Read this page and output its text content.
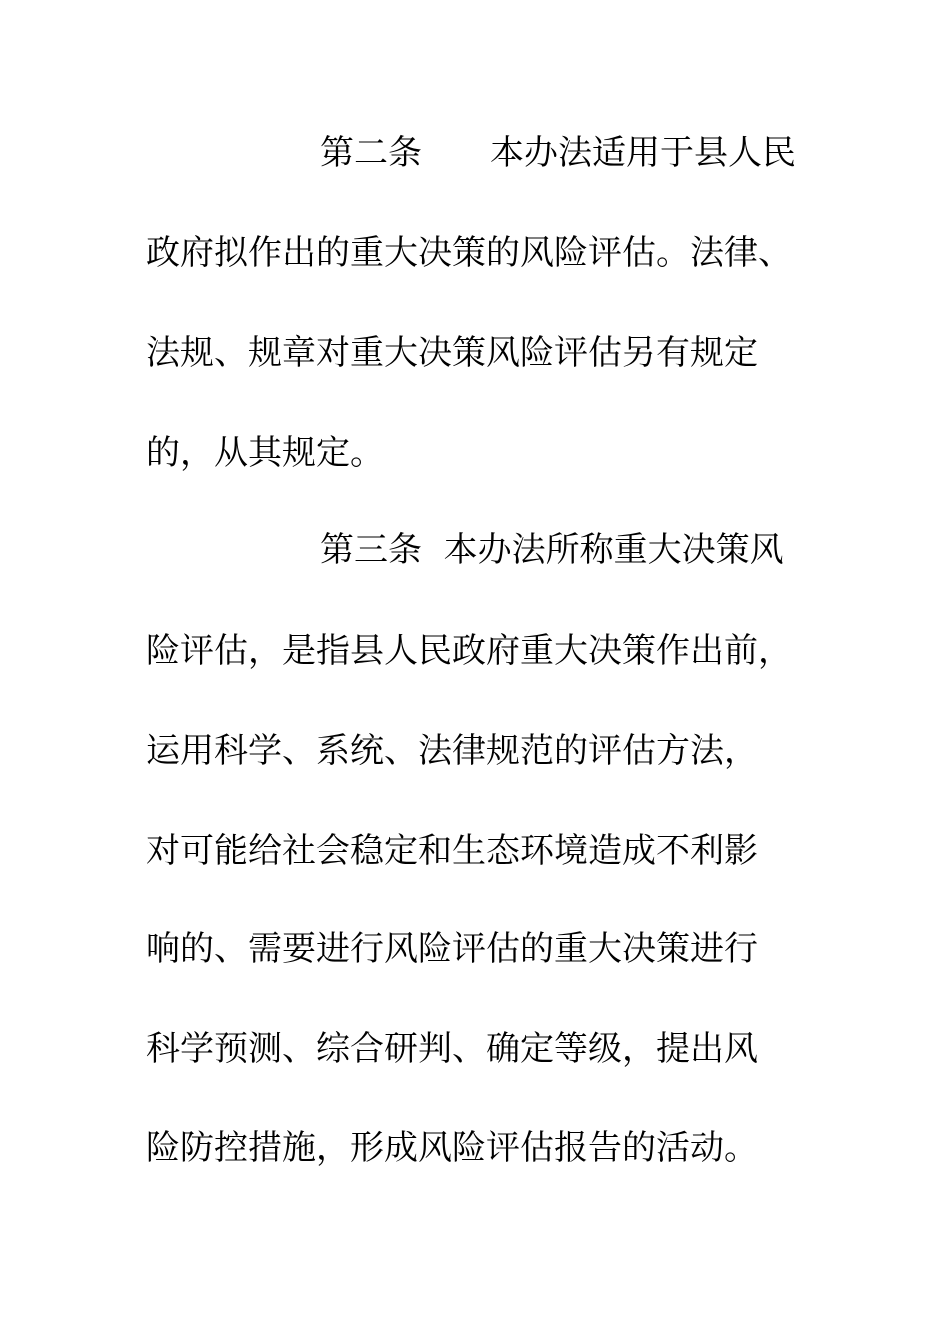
第二条　　本办法适用于县人民
政府拟作出的重大决策的风险评估。法律、
法规、规章对重大决策风险评估另有规定
的，从其规定。
第三条  本办法所称重大决策风
险评估，是指县人民政府重大决策作出前，
运用科学、系统、法律规范的评估方法，
对可能给社会稳定和生态环境造成不利影
响的、需要进行风险评估的重大决策进行
科学预测、综合研判、确定等级，提出风
险防控措施，形成风险评估报告的活动。
